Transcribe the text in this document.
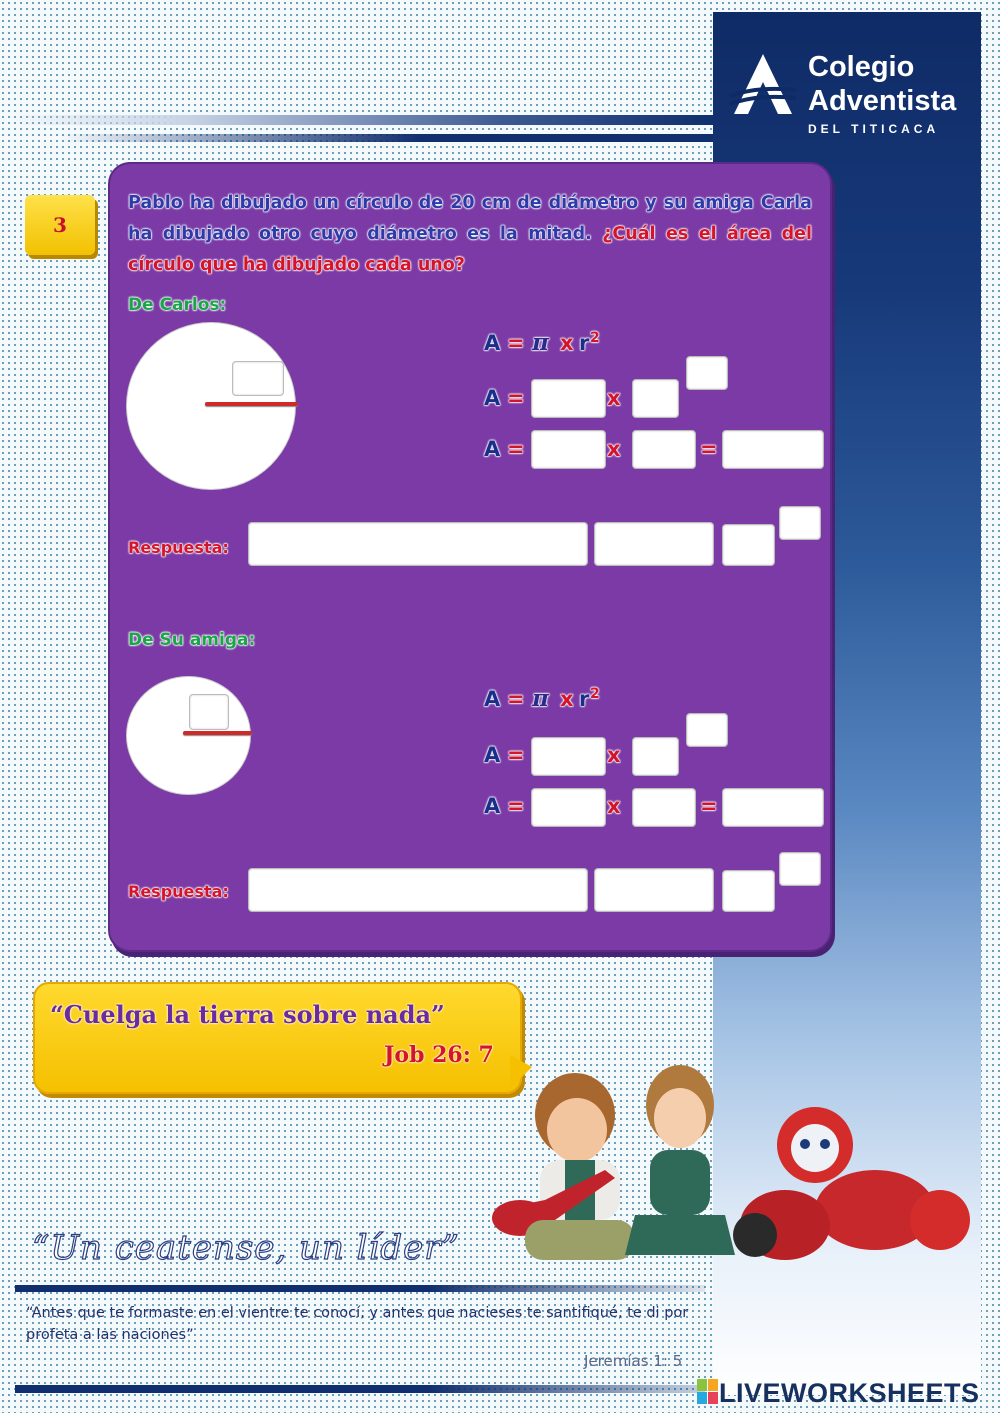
Colegio
Adventista
DEL TITICACA
3
Pablo ha dibujado un círculo de 20 cm de diámetro y su amiga Carla ha dibujado otro cuyo diámetro es la mitad. ¿Cuál es el área del círculo que ha dibujado cada uno?
De Carlos:
A = π x r 2
A =	x
A =	x	=
Respuesta:
De Su amiga:
A = π x r 2
A =	x
A =	x	=
Respuesta:
“Cuelga la tierra sobre nada”
Job 26: 7
“Un ceatense, un líder”
“Antes que te formaste en el vientre te conocí, y antes que nacieses te santifiqué, te di por profeta a las naciones”
Jeremías 1: 5
LIVEWORKSHEETS
